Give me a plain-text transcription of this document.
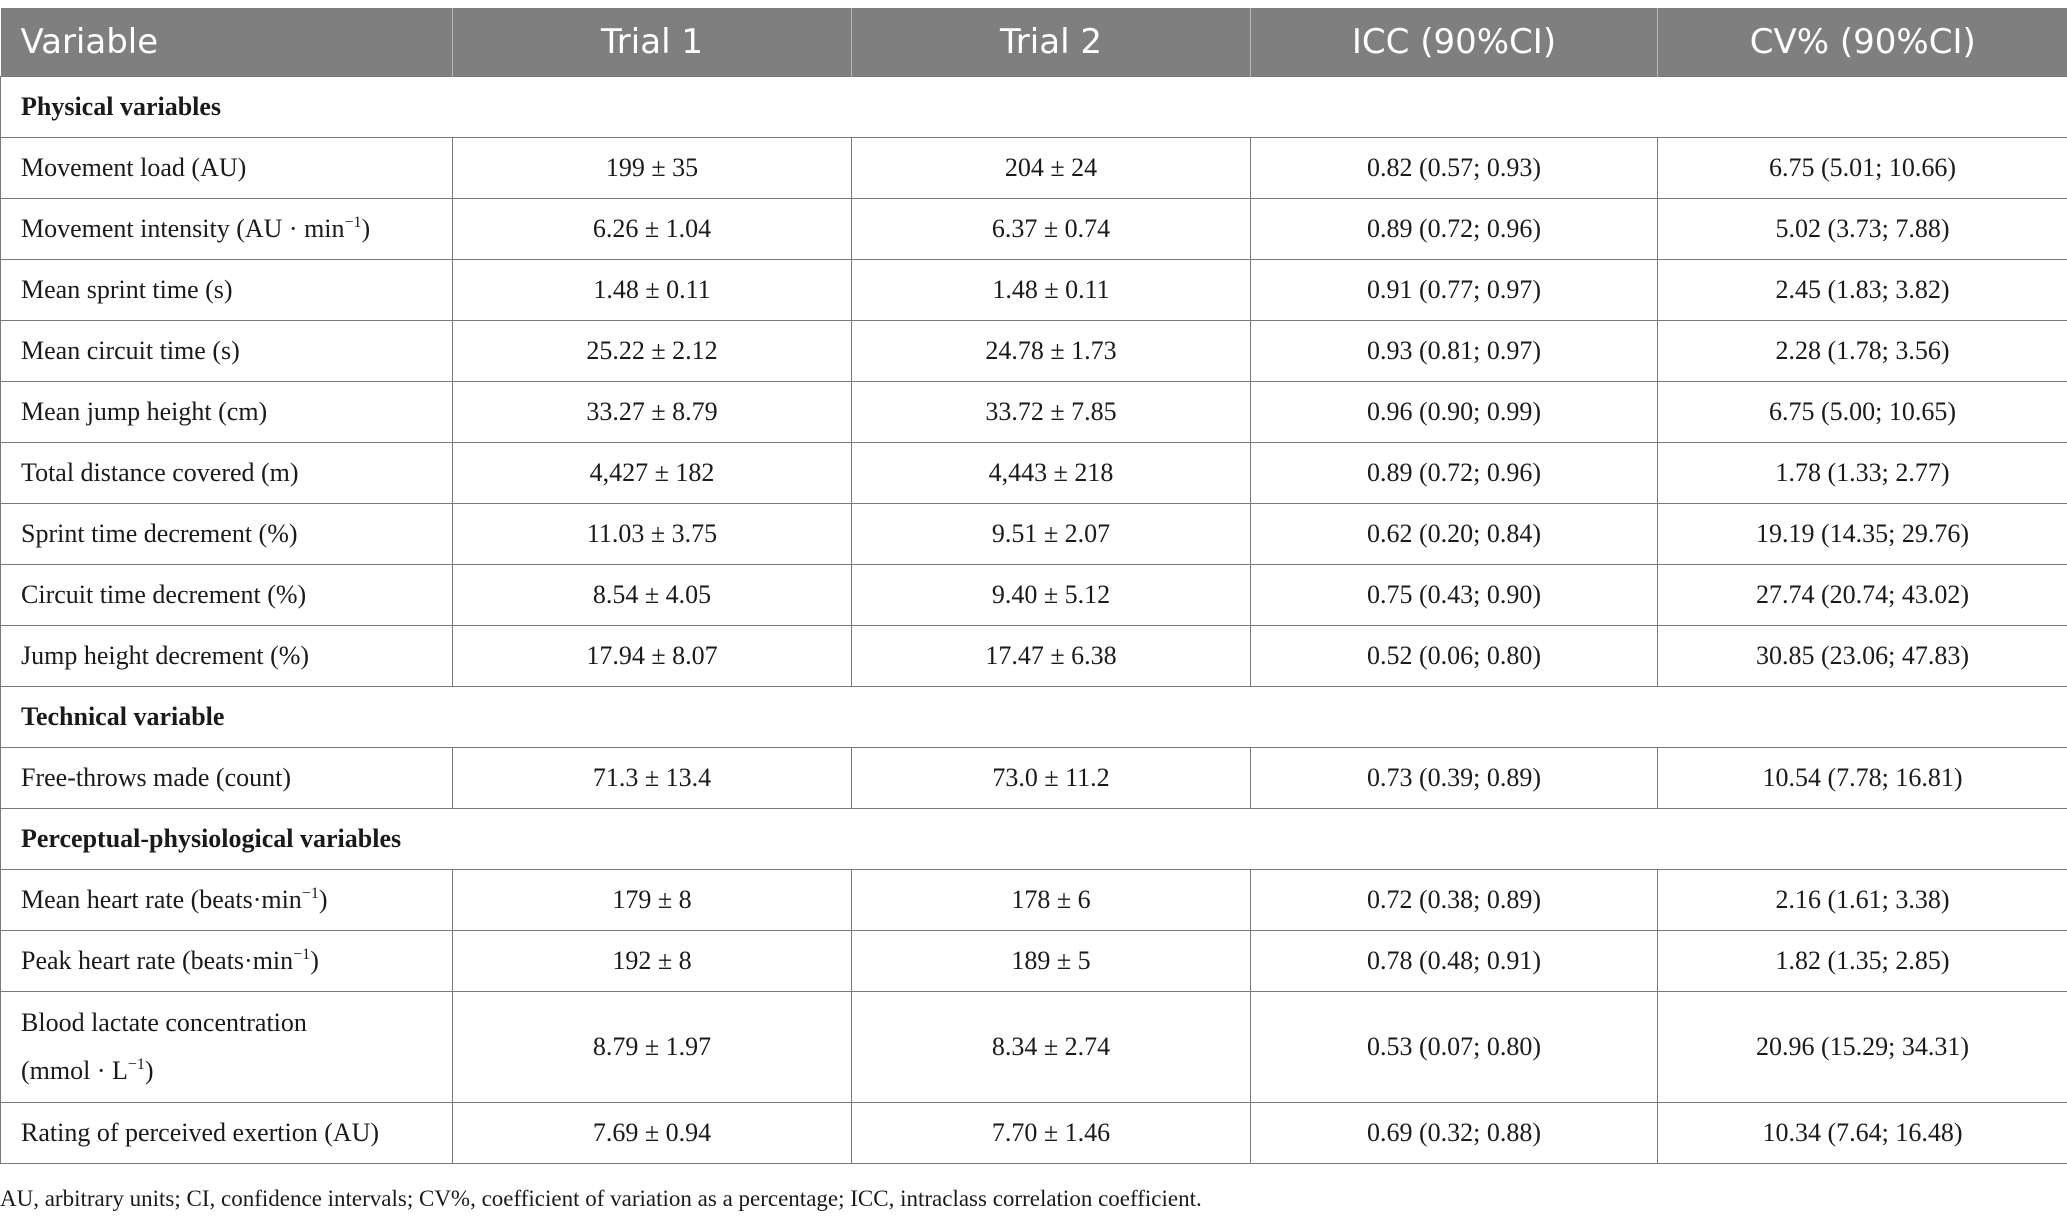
Variable	Trial 1	Trial 2	ICC (90%CI)	CV% (90%CI)
Physical variables				
Movement load (AU)	199 ± 35	204 ± 24	0.82 (0.57; 0.93)	6.75 (5.01; 10.66)
Movement intensity $(AU \cdot \min^{-1})$	6.26 ± 1.04	6.37 ± 0.74	0.89 (0.72; 0.96)	5.02 (3.73; 7.88)
Mean sprint time (s)	1.48 ± 0.11	1.48 ± 0.11	0.91 (0.77; 0.97)	2.45 (1.83; 3.82)
Mean circuit time (s)	25.22 ± 2.12	24.78 ± 1.73	0.93 (0.81; 0.97)	2.28 (1.78; 3.56)
Mean jump height (cm)	33.27 ± 8.79	33.72 ± 7.85	0.96 (0.90; 0.99)	6.75 (5.00; 10.65)
Total distance covered (m)	4,427 ± 182	4,443 ± 218	0.89 (0.72; 0.96)	1.78 (1.33; 2.77)
Sprint time decrement (%)	11.03 ± 3.75	9.51 ± 2.07	0.62 (0.20; 0.84)	19.19 (14.35; 29.76)
Circuit time decrement (%)	8.54 ± 4.05	9.40 ± 5.12	0.75 (0.43; 0.90)	27.74 (20.74; 43.02)
Jump height decrement (%)	17.94 ± 8.07	17.47 ± 6.38	0.52 (0.06; 0.80)	30.85 (23.06; 47.83)
Technical variable				
Free-throws made (count)	71.3 ± 13.4	73.0 ± 11.2	0.73 (0.39; 0.89)	10.54 (7.78; 16.81)
Perceptual-physiological variables				
Mean heart rate $(beats\cdot\min^{-1})$	179 ± 8	178 ± 6	0.72 (0.38; 0.89)	2.16 (1.61; 3.38)
Peak heart rate $(beats\cdot\min^{-1})$	192 ± 8	189 ± 5	0.78 (0.48; 0.91)	1.82 (1.35; 2.85)
Blood lactate concentration
(mmol · $L^{-1}$)	8.79 ± 1.97	8.34 ± 2.74	0.53 (0.07; 0.80)	20.96 (15.29; 34.31)
Rating of perceived exertion (AU)	7.69 ± 0.94	7.70 ± 1.46	0.69 (0.32; 0.88)	10.34 (7.64; 16.48)
AU, arbitrary units; CI, confidence intervals; CV%, coefficient of variation as a percentage; ICC, intraclass correlation coefficient.
